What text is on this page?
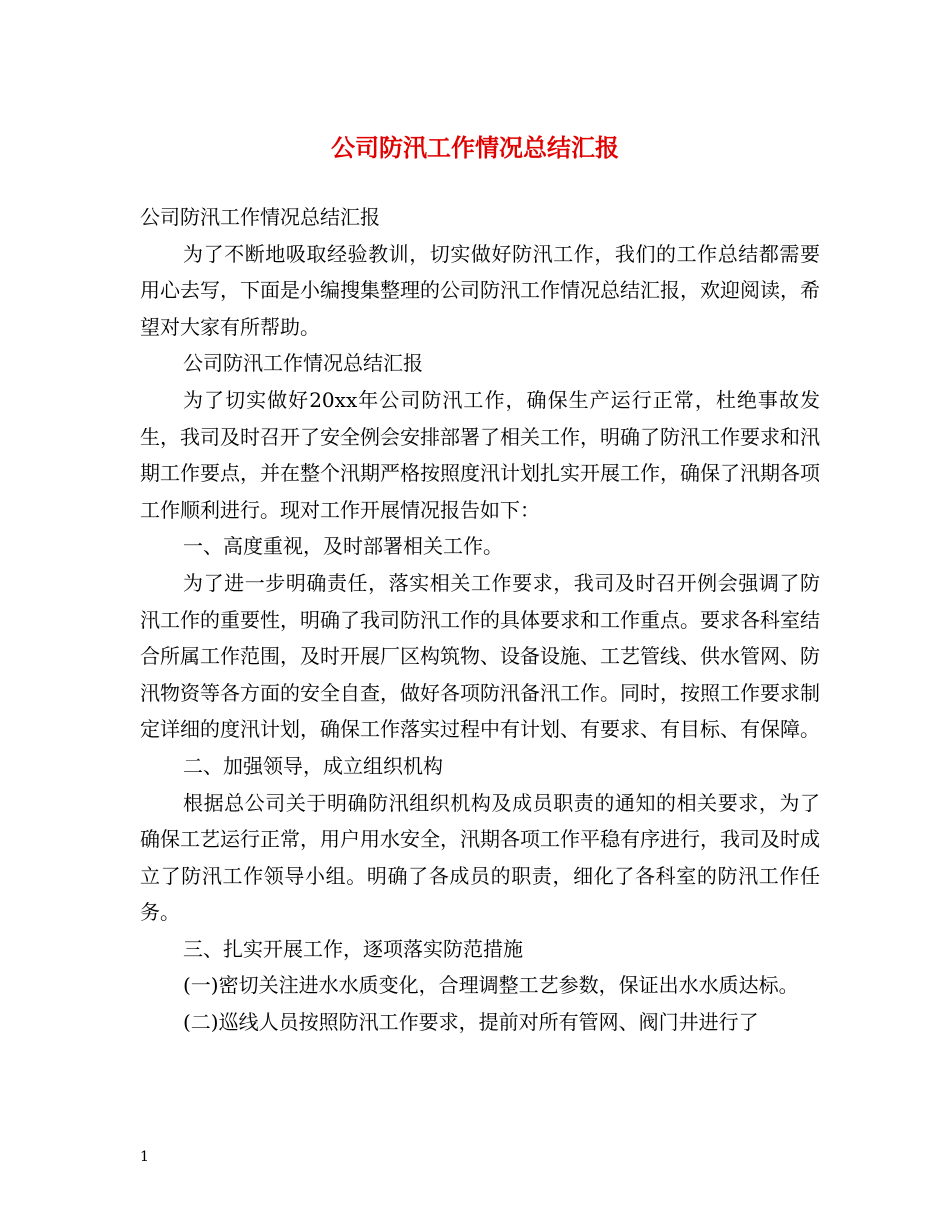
公司防汛工作情况总结汇报

公司防汛工作情况总结汇报

为了不断地吸取经验教训，切实做好防汛工作，我们的工作总结都需要用心去写，下面是小编搜集整理的公司防汛工作情况总结汇报，欢迎阅读，希望对大家有所帮助。

公司防汛工作情况总结汇报

为了切实做好20xx年公司防汛工作，确保生产运行正常，杜绝事故发生，我司及时召开了安全例会安排部署了相关工作，明确了防汛工作要求和汛期工作要点，并在整个汛期严格按照度汛计划扎实开展工作，确保了汛期各项工作顺利进行。现对工作开展情况报告如下：

一、高度重视，及时部署相关工作。

为了进一步明确责任，落实相关工作要求，我司及时召开例会强调了防汛工作的重要性，明确了我司防汛工作的具体要求和工作重点。要求各科室结合所属工作范围，及时开展厂区构筑物、设备设施、工艺管线、供水管网、防汛物资等各方面的安全自查，做好各项防汛备汛工作。同时，按照工作要求制定详细的度汛计划，确保工作落实过程中有计划、有要求、有目标、有保障。

二、加强领导，成立组织机构

根据总公司关于明确防汛组织机构及成员职责的通知的相关要求，为了确保工艺运行正常，用户用水安全，汛期各项工作平稳有序进行，我司及时成立了防汛工作领导小组。明确了各成员的职责，细化了各科室的防汛工作任务。

三、扎实开展工作，逐项落实防范措施

(一)密切关注进水水质变化，合理调整工艺参数，保证出水水质达标。

(二)巡线人员按照防汛工作要求，提前对所有管网、阀门井进行了

1
